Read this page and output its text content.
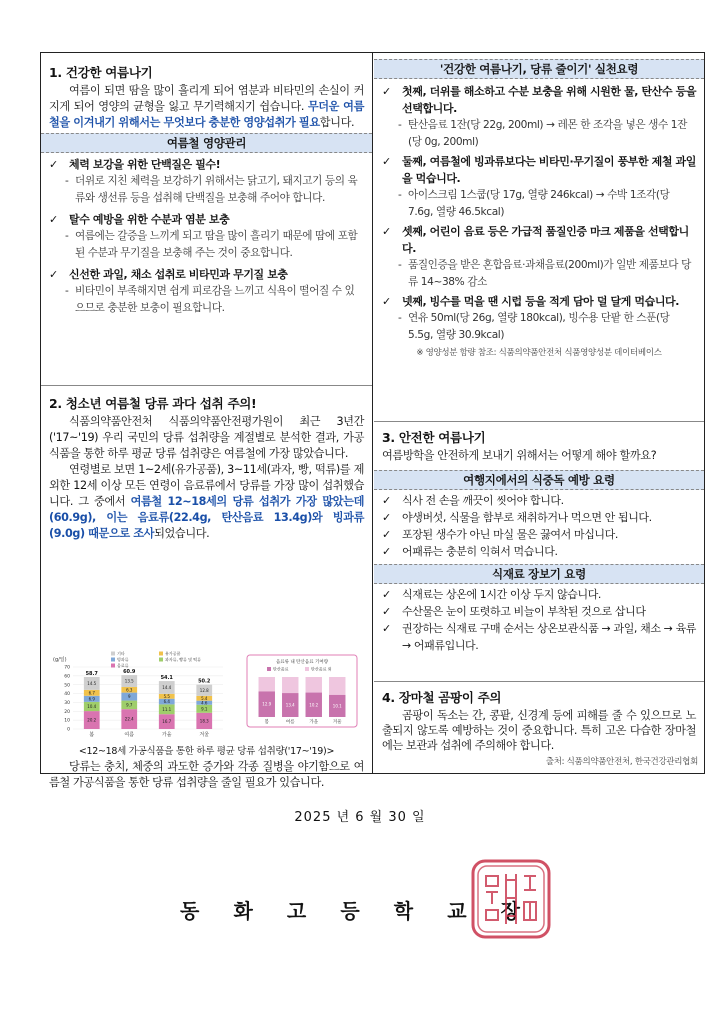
1. 건강한 여름나기

여름이 되면 땀을 많이 흘리게 되어 염분과 비타민의 손실이 커지게 되어 영양의 균형을 잃고 무기력해지기 쉽습니다. 무더운 여름철을 이겨내기 위해서는 무엇보다 충분한 영양섭취가 필요합니다.

여름철 영양관리
✓ 체력 보강을 위한 단백질은 필수!
- 더위로 지친 체력을 보강하기 위해서는 닭고기, 돼지고기 등의 육류와 생선류 등을 섭취해 단백질을 보충해 주어야 합니다.
✓ 탈수 예방을 위한 수분과 염분 보충
- 여름에는 갈증을 느끼게 되고 땀을 많이 흘리기 때문에 땀에 포함된 수분과 무기질을 보충해 주는 것이 중요합니다.
✓ 신선한 과일, 채소 섭취로 비타민과 무기질 보충
- 비타민이 부족해지면 쉽게 피로감을 느끼고 식욕이 떨어질 수 있으므로 충분한 보충이 필요합니다.
2. 청소년 여름철 당류 과다 섭취 주의!

식품의약품안전처 식품의약품안전평가원이 최근 3년간('17~'19) 우리 국민의 당류 섭취량을 계절별로 분석한 결과, 가공식품을 통한 하루 평균 당류 섭취량은 여름철에 가장 많았습니다.

연령별로 보면 1~2세(유가공품), 3~11세(과자, 빵, 떡류)를 제외한 12세 이상 모든 연령이 음료류에서 당류를 가장 많이 섭취했습니다. 그 중에서 여름철 12~18세의 당류 섭취가 가장 많았는데(60.9g), 이는 음료류(22.4g, 탄산음료 13.4g)와 빙과류(9.0g) 때문으로 조사되었습니다.

(g/일)
0
10
20
30
40
50
60
70
기타	유가공품
빙과류	과자류, 빵류 및 떡류
음료류
20.2
10.4
6.9
6.7
14.5
58.7
봄
22.4
9.7
9
6.3
13.5
60.9
여름
16.7
11.1
6.4
5.5
14.4
54.1
가을
18.3
9.1
4.6
5.4
12.8
50.2
겨울
음료류 내 탄산음료 기여량
탄산음료	탄산음료 외
12.9
봄
13.4
여름
10.2
가을
10.1
겨울
<12~18세 가공식품을 통한 하루 평균 당류 섭취량('17~'19)>

당류는 충치, 체중의 과도한 증가와 각종 질병을 야기함으로 여름철 가공식품을 통한 당류 섭취량을 줄일 필요가 있습니다.

'건강한 여름나기, 당류 줄이기' 실천요령
✓ 첫째, 더위를 해소하고 수분 보충을 위해 시원한 물, 탄산수 등을 선택합니다.
- 탄산음료 1잔(당 22g, 200ml) → 레몬 한 조각을 넣은 생수 1잔(당 0g, 200ml)
✓ 둘째, 여름철에 빙과류보다는 비타민·무기질이 풍부한 제철 과일을 먹습니다.
- 아이스크림 1스쿱(당 17g, 열량 246kcal) → 수박 1조각(당 7.6g, 열량 46.5kcal)
✓ 셋째, 어린이 음료 등은 가급적 품질인증 마크 제품을 선택합니다.
- 품질인증을 받은 혼합음료·과채음료(200ml)가 일반 제품보다 당류 14~38% 감소
✓ 넷째, 빙수를 먹을 땐 시럽 등을 적게 담아 덜 달게 먹습니다.
- 연유 50ml(당 26g, 열량 180kcal), 빙수용 단팥 한 스푼(당 5.5g, 열량 30.9kcal)
※ 영양성분 함량 참조: 식품의약품안전처 식품영양성분 데이터베이스
3. 안전한 여름나기

여름방학을 안전하게 보내기 위해서는 어떻게 해야 할까요?

여행지에서의 식중독 예방 요령
✓ 식사 전 손을 깨끗이 씻어야 합니다.
✓ 야생버섯, 식물을 함부로 채취하거나 먹으면 안 됩니다.
✓ 포장된 생수가 아닌 마실 물은 끓여서 마십니다.
✓ 어패류는 충분히 익혀서 먹습니다.
식재료 장보기 요령
✓ 식재료는 상온에 1시간 이상 두지 않습니다.
✓ 수산물은 눈이 또렷하고 비늘이 부착된 것으로 삽니다
✓ 권장하는 식재료 구매 순서는 상온보관식품 → 과일, 채소 → 육류 → 어패류입니다.
4. 장마철 곰팡이 주의

곰팡이 독소는 간, 콩팥, 신경계 등에 피해를 줄 수 있으므로 노출되지 않도록 예방하는 것이 중요합니다. 특히 고온 다습한 장마철에는 보관과 섭취에 주의해야 합니다.

출처: 식품의약품안전처, 한국건강관리협회
2025 년 6 월 30 일
동 화 고 등 학 교 장
